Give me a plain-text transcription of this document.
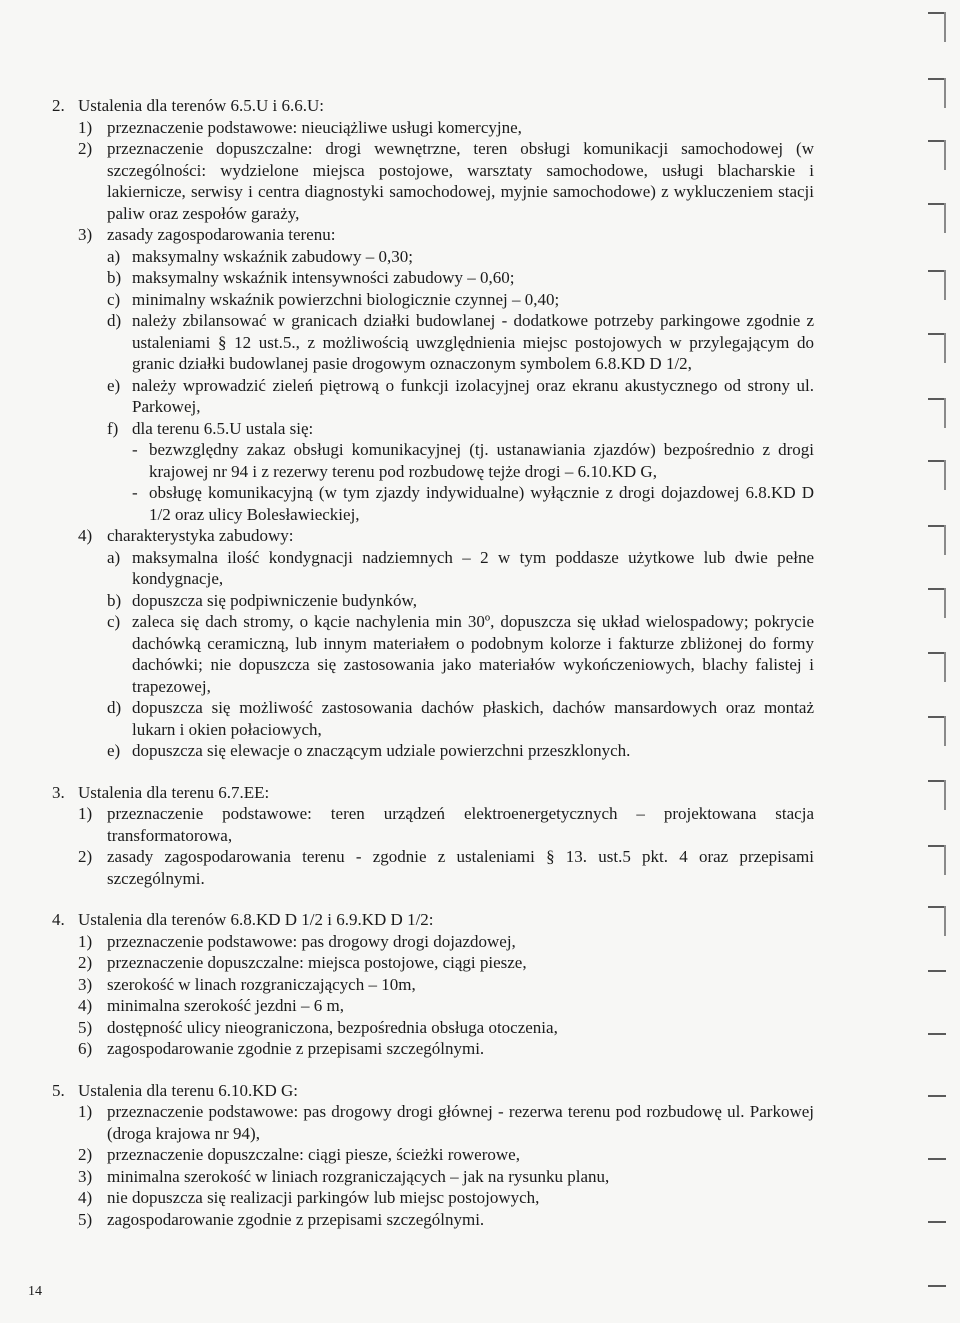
2. Ustalenia dla terenów 6.5.U i 6.6.U:
1) przeznaczenie podstawowe: nieuciążliwe usługi komercyjne,
2) przeznaczenie dopuszczalne: drogi wewnętrzne, teren obsługi komunikacji samochodowej (w szczególności: wydzielone miejsca postojowe, warsztaty samochodowe, usługi blacharskie i lakiernicze, serwisy i centra diagnostyki samochodowej, myjnie samochodowe) z wykluczeniem stacji paliw oraz zespołów garaży,
3) zasady zagospodarowania terenu:
a) maksymalny wskaźnik zabudowy – 0,30;
b) maksymalny wskaźnik intensywności zabudowy – 0,60;
c) minimalny wskaźnik powierzchni biologicznie czynnej – 0,40;
d) należy zbilansować w granicach działki budowlanej - dodatkowe potrzeby parkingowe zgodnie z ustaleniami § 12 ust.5., z możliwością uwzględnienia miejsc postojowych w przylegającym do granic działki budowlanej pasie drogowym oznaczonym symbolem 6.8.KD D 1/2,
e) należy wprowadzić zieleń piętrową o funkcji izolacyjnej oraz ekranu akustycznego od strony ul. Parkowej,
f) dla terenu 6.5.U ustala się:
- bezwzględny zakaz obsługi komunikacyjnej (tj. ustanawiania zjazdów) bezpośrednio z drogi krajowej nr 94 i z rezerwy terenu pod rozbudowę tejże drogi – 6.10.KD G,
- obsługę komunikacyjną (w tym zjazdy indywidualne) wyłącznie z drogi dojazdowej 6.8.KD D 1/2 oraz ulicy Bolesławieckiej,
4) charakterystyka zabudowy:
a) maksymalna ilość kondygnacji nadziemnych – 2 w tym poddasze użytkowe lub dwie pełne kondygnacje,
b) dopuszcza się podpiwniczenie budynków,
c) zaleca się dach stromy, o kącie nachylenia min 30º, dopuszcza się układ wielospadowy; pokrycie dachówką ceramiczną, lub innym materiałem o podobnym kolorze i fakturze zbliżonej do formy dachówki; nie dopuszcza się zastosowania jako materiałów wykończeniowych, blachy falistej i trapezowej,
d) dopuszcza się możliwość zastosowania dachów płaskich, dachów mansardowych oraz montaż lukarn i okien połaciowych,
e) dopuszcza się elewacje o znaczącym udziale powierzchni przeszklonych.
3. Ustalenia dla terenu 6.7.EE:
1) przeznaczenie podstawowe: teren urządzeń elektroenergetycznych – projektowana stacja transformatorowa,
2) zasady zagospodarowania terenu - zgodnie z ustaleniami § 13. ust.5 pkt. 4 oraz przepisami szczególnymi.
4. Ustalenia dla terenów 6.8.KD D 1/2 i 6.9.KD D 1/2:
1) przeznaczenie podstawowe: pas drogowy drogi dojazdowej,
2) przeznaczenie dopuszczalne: miejsca postojowe, ciągi piesze,
3) szerokość w linach rozgraniczających – 10m,
4) minimalna szerokość jezdni – 6 m,
5) dostępność ulicy nieograniczona, bezpośrednia obsługa otoczenia,
6) zagospodarowanie zgodnie z przepisami szczególnymi.
5. Ustalenia dla terenu 6.10.KD G:
1) przeznaczenie podstawowe: pas drogowy drogi głównej - rezerwa terenu pod rozbudowę ul. Parkowej (droga krajowa nr 94),
2) przeznaczenie dopuszczalne: ciągi piesze, ścieżki rowerowe,
3) minimalna szerokość w liniach rozgraniczających – jak na rysunku planu,
4) nie dopuszcza się realizacji parkingów lub miejsc postojowych,
5) zagospodarowanie zgodnie z przepisami szczególnymi.
14
